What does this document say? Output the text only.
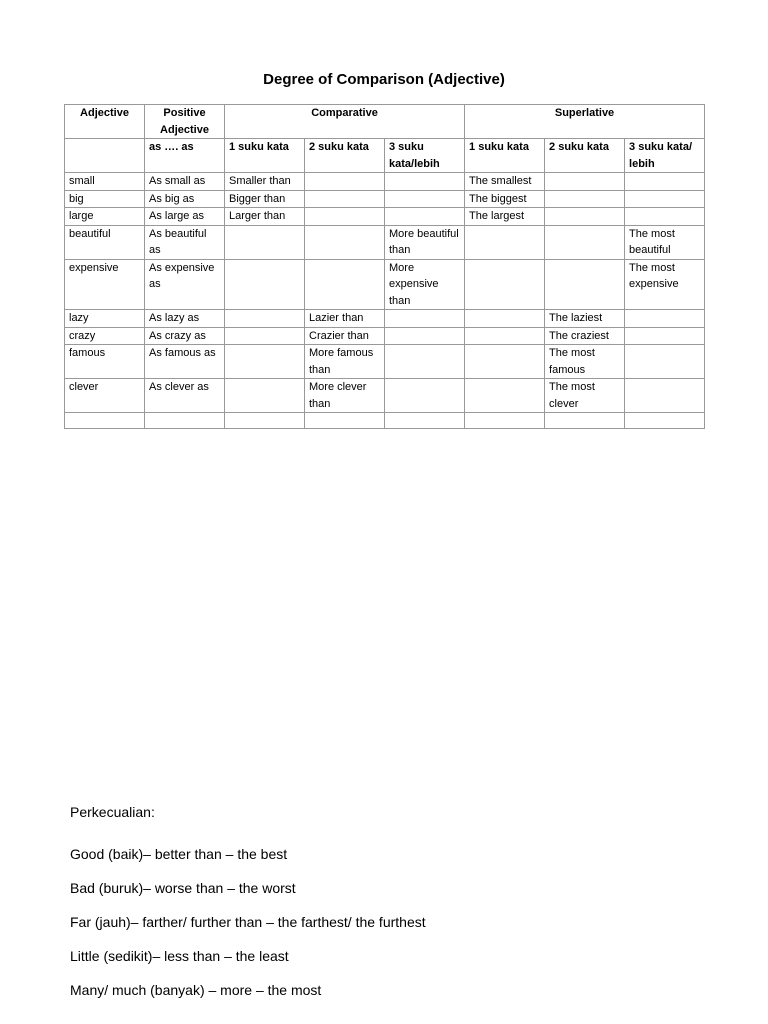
Degree of Comparison (Adjective)
Adjective	Positive Adjective	Comparative			Superlative		
	as …. as	1 suku kata	2 suku kata	3 suku kata/lebih	1 suku kata	2 suku kata	3 suku kata/ lebih
small	As small as	Smaller than			The smallest		
big	As big as	Bigger than			The biggest		
large	As large as	Larger than			The largest		
beautiful	As beautiful as			More beautiful than			The most beautiful
expensive	As expensive as			More expensive than			The most expensive
lazy	As lazy as		Lazier than			The laziest	
crazy	As crazy as		Crazier than			The craziest	
famous	As famous as		More famous than			The most famous	
clever	As clever as		More clever than			The most clever	

Perkecualian:
Good (baik)– better than – the best
Bad (buruk)– worse than – the worst
Far (jauh)– farther/ further than – the farthest/ the furthest
Little (sedikit)– less than – the least
Many/ much (banyak) – more – the most
